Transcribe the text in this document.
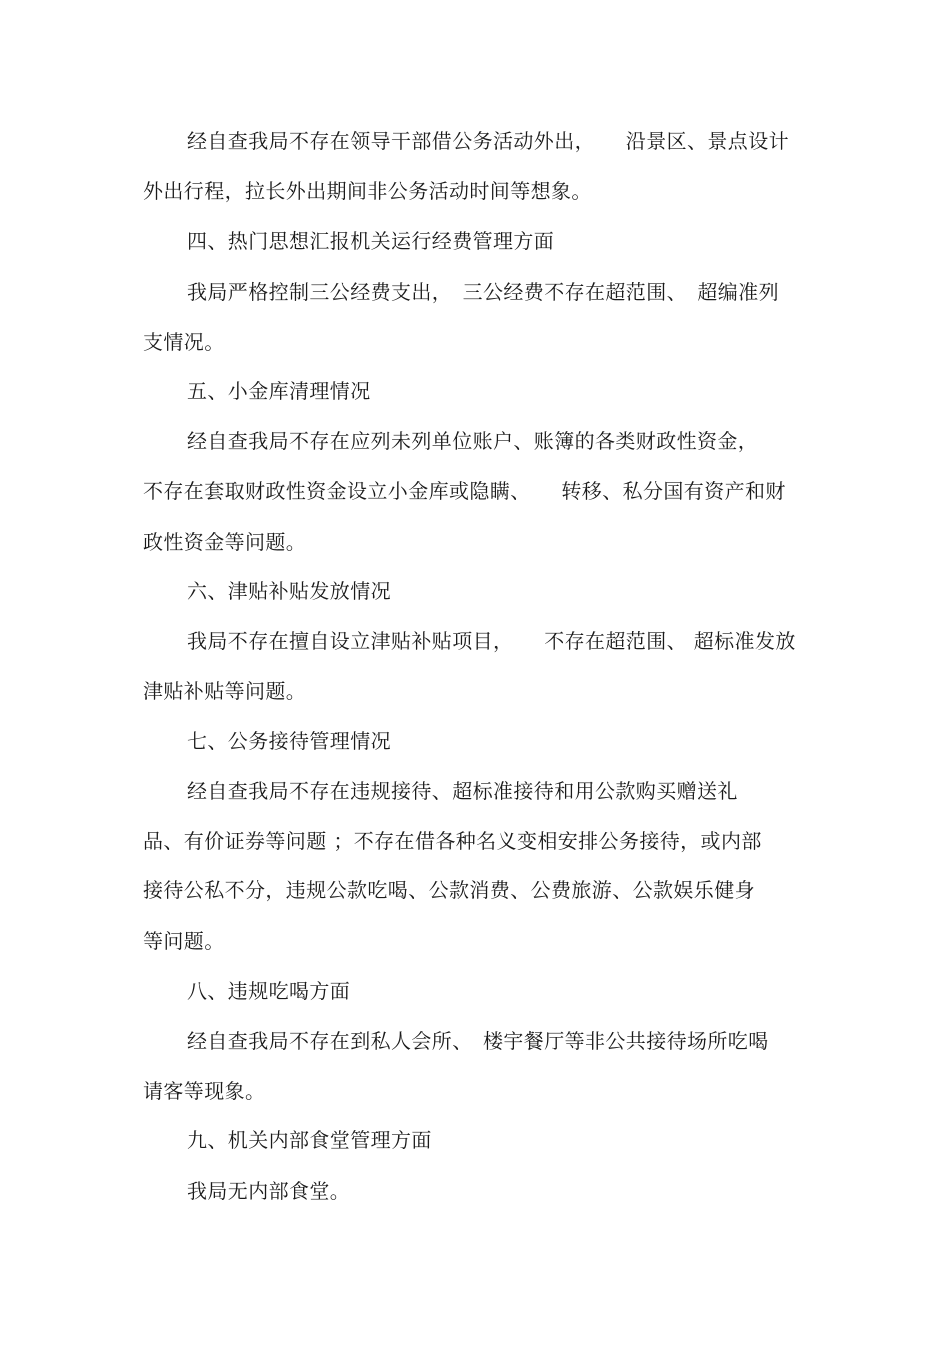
经自查我局不存在领导干部借公务活动外出，　　沿景区、景点设计
外出行程，拉长外出期间非公务活动时间等想象。
四、热门思想汇报机关运行经费管理方面
我局严格控制三公经费支出，　三公经费不存在超范围、　超编准列
支情况。
五、小金库清理情况
经自查我局不存在应列未列单位账户、账簿的各类财政性资金，
不存在套取财政性资金设立小金库或隐瞒、　　转移、私分国有资产和财
政性资金等问题。
六、津贴补贴发放情况
我局不存在擅自设立津贴补贴项目，　　不存在超范围、 超标准发放
津贴补贴等问题。
七、公务接待管理情况
经自查我局不存在违规接待、超标准接待和用公款购买赠送礼
品、有价证券等问题 ；不存在借各种名义变相安排公务接待，或内部
接待公私不分，违规公款吃喝、公款消费、公费旅游、公款娱乐健身
等问题。
八、违规吃喝方面
经自查我局不存在到私人会所、　楼宇餐厅等非公共接待场所吃喝
请客等现象。
九、机关内部食堂管理方面
我局无内部食堂。
